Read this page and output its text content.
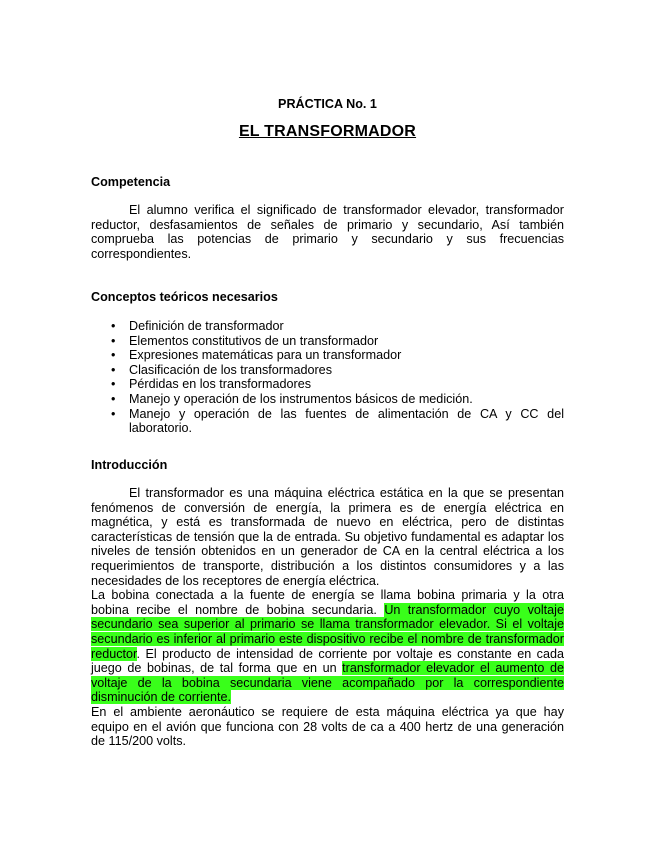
PRÁCTICA No. 1
EL TRANSFORMADOR
Competencia

El alumno verifica el significado de transformador elevador, transformador reductor, desfasamientos de señales de primario y secundario, Así también comprueba las potencias de primario y secundario y sus frecuencias correspondientes.

Conceptos teóricos necesarios
• Definición de transformador
• Elementos constitutivos de un transformador
• Expresiones matemáticas para un transformador
• Clasificación de los transformadores
• Pérdidas en los transformadores
• Manejo y operación de los instrumentos básicos de medición.
• Manejo y operación de las fuentes de alimentación de CA y CC del laboratorio.
Introducción

El transformador es una máquina eléctrica estática en la que se presentan fenómenos de conversión de energía, la primera es de energía eléctrica en magnética, y está es transformada de nuevo en eléctrica, pero de distintas características de tensión que la de entrada. Su objetivo fundamental es adaptar los niveles de tensión obtenidos en un generador de CA en la central eléctrica a los requerimientos de transporte, distribución a los distintos consumidores y a las necesidades de los receptores de energía eléctrica.

La bobina conectada a la fuente de energía se llama bobina primaria y la otra bobina recibe el nombre de bobina secundaria. Un transformador cuyo voltaje secundario sea superior al primario se llama transformador elevador. Si el voltaje secundario es inferior al primario este dispositivo recibe el nombre de transformador reductor. El producto de intensidad de corriente por voltaje es constante en cada juego de bobinas, de tal forma que en un transformador elevador el aumento de voltaje de la bobina secundaria viene acompañado por la correspondiente disminución de corriente.

En el ambiente aeronáutico se requiere de esta máquina eléctrica ya que hay equipo en el avión que funciona con 28 volts de ca a 400 hertz de una generación de 115/200 volts.
